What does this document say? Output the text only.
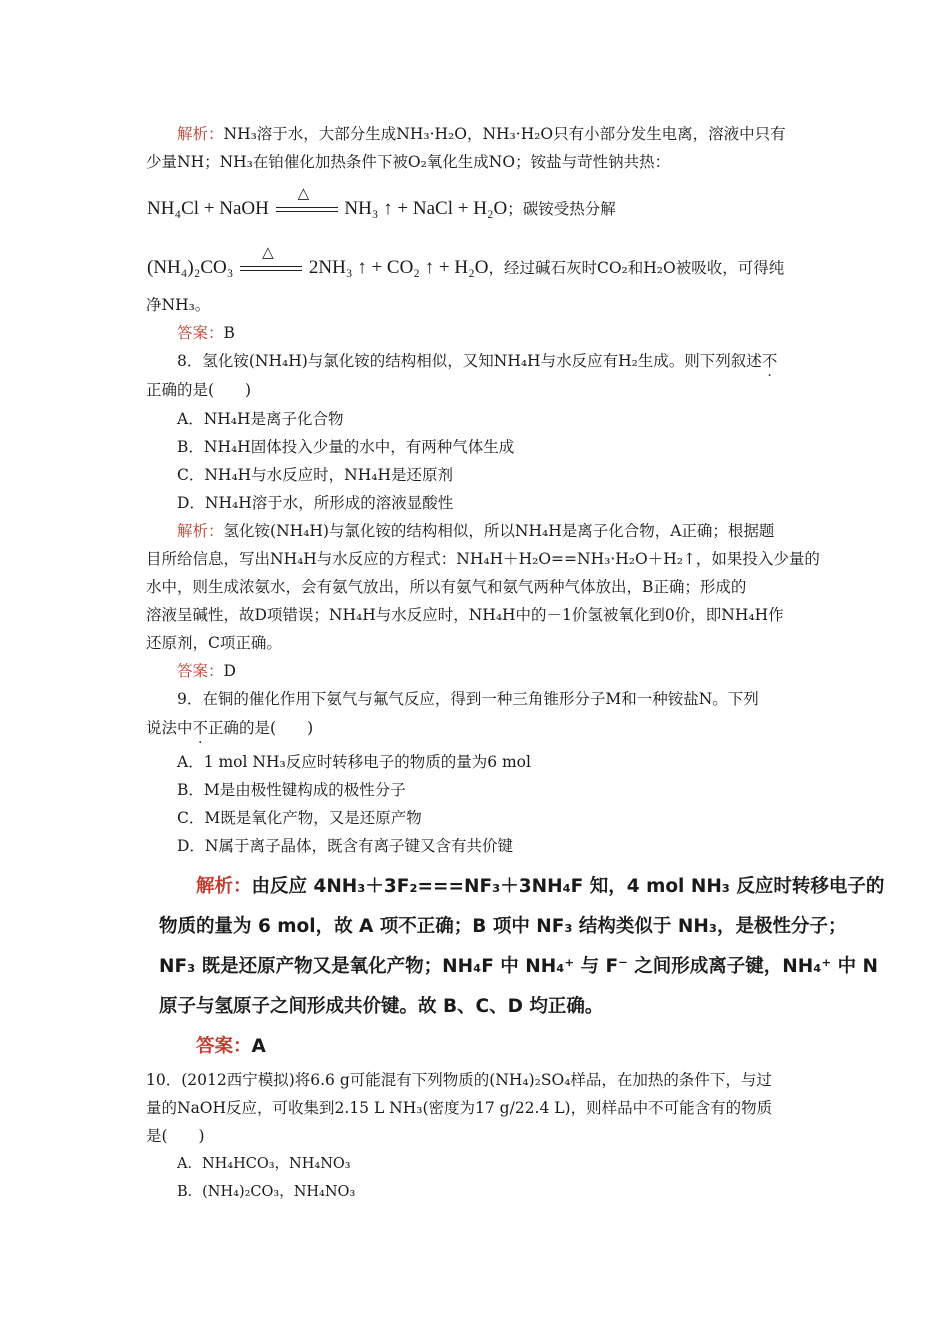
解析：NH₃溶于水，大部分生成NH₃·H₂O，NH₃·H₂O只有小部分发生电离，溶液中只有
少量NH；NH₃在铂催化加热条件下被O₂氧化生成NO；铵盐与苛性钠共热：
NH₄Cl + NaOH
△
NH₃ ↑ + NaCl + H₂O；碳铵受热分解
(NH₄)₂CO₃
△
2NH₃ ↑ + CO₂ ↑ + H₂O，经过碱石灰时CO₂和H₂O被吸收，可得纯
净NH₃。
答案：B
8．氢化铵(NH₄H)与氯化铵的结构相似，又知NH₄H与水反应有H₂生成。则下列叙述不
正确的是(　　)
A．NH₄H是离子化合物
B．NH₄H固体投入少量的水中，有两种气体生成
C．NH₄H与水反应时，NH₄H是还原剂
D．NH₄H溶于水，所形成的溶液显酸性
解析：氢化铵(NH₄H)与氯化铵的结构相似，所以NH₄H是离子化合物，A正确；根据题
目所给信息，写出NH₄H与水反应的方程式：NH₄H＋H₂O==NH₃·H₂O＋H₂↑，如果投入少量的
水中，则生成浓氨水，会有氨气放出，所以有氨气和氨气两种气体放出，B正确；形成的
溶液呈碱性，故D项错误；NH₄H与水反应时，NH₄H中的－1价氢被氧化到0价，即NH₄H作
还原剂，C项正确。
答案：D
9．在铜的催化作用下氨气与氟气反应，得到一种三角锥形分子M和一种铵盐N。下列
说法中不正确的是(　　)
A．1 mol NH₃反应时转移电子的物质的量为6 mol
B．M是由极性键构成的极性分子
C．M既是氧化产物，又是还原产物
D．N属于离子晶体，既含有离子键又含有共价键
解析：由反应 4NH₃＋3F₂===NF₃＋3NH₄F 知，4 mol NH₃ 反应时转移电子的
物质的量为 6 mol，故 A 项不正确；B 项中 NF₃ 结构类似于 NH₃，是极性分子；
NF₃ 既是还原产物又是氧化产物；NH₄F 中 NH₄⁺ 与 F⁻ 之间形成离子键，NH₄⁺ 中 N
原子与氢原子之间形成共价键。故 B、C、D 均正确。
答案：A
10．(2012西宁模拟)将6.6 g可能混有下列物质的(NH₄)₂SO₄样品，在加热的条件下，与过
量的NaOH反应，可收集到2.15 L NH₃(密度为17 g/22.4 L)，则样品中不可能含有的物质
是(　　)
A．NH₄HCO₃，NH₄NO₃
B．(NH₄)₂CO₃，NH₄NO₃
